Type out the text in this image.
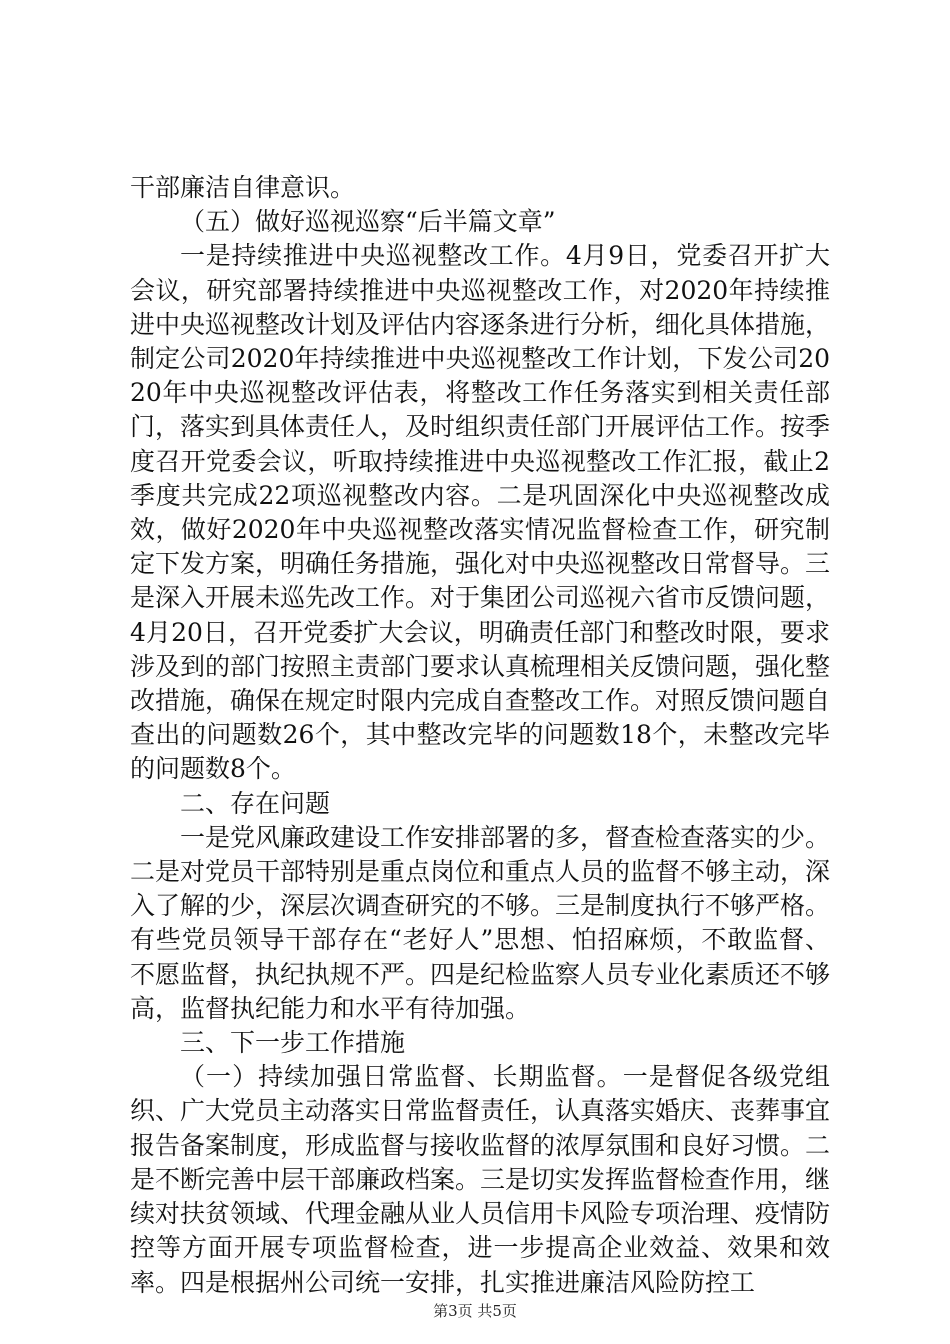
干部廉洁自律意识。

（五）做好巡视巡察“后半篇文章”

一是持续推进中央巡视整改工作。4月9日，党委召开扩大会议，研究部署持续推进中央巡视整改工作，对2020年持续推进中央巡视整改计划及评估内容逐条进行分析，细化具体措施，制定公司2020年持续推进中央巡视整改工作计划，下发公司2020年中央巡视整改评估表，将整改工作任务落实到相关责任部门，落实到具体责任人，及时组织责任部门开展评估工作。按季度召开党委会议，听取持续推进中央巡视整改工作汇报，截止2季度共完成22项巡视整改内容。二是巩固深化中央巡视整改成效，做好2020年中央巡视整改落实情况监督检查工作，研究制定下发方案，明确任务措施，强化对中央巡视整改日常督导。三是深入开展未巡先改工作。对于集团公司巡视六省市反馈问题，4月20日，召开党委扩大会议，明确责任部门和整改时限，要求涉及到的部门按照主责部门要求认真梳理相关反馈问题，强化整改措施，确保在规定时限内完成自查整改工作。对照反馈问题自查出的问题数26个，其中整改完毕的问题数18个，未整改完毕的问题数8个。

二、存在问题

一是党风廉政建设工作安排部署的多，督查检查落实的少。二是对党员干部特别是重点岗位和重点人员的监督不够主动，深入了解的少，深层次调查研究的不够。三是制度执行不够严格。有些党员领导干部存在“老好人”思想、怕招麻烦，不敢监督、不愿监督，执纪执规不严。四是纪检监察人员专业化素质还不够高，监督执纪能力和水平有待加强。

三、下一步工作措施

（一）持续加强日常监督、长期监督。一是督促各级党组织、广大党员主动落实日常监督责任，认真落实婚庆、丧葬事宜报告备案制度，形成监督与接收监督的浓厚氛围和良好习惯。二是不断完善中层干部廉政档案。三是切实发挥监督检查作用，继续对扶贫领域、代理金融从业人员信用卡风险专项治理、疫情防控等方面开展专项监督检查，进一步提高企业效益、效果和效率。四是根据州公司统一安排，扎实推进廉洁风险防控工

第3页 共5页
